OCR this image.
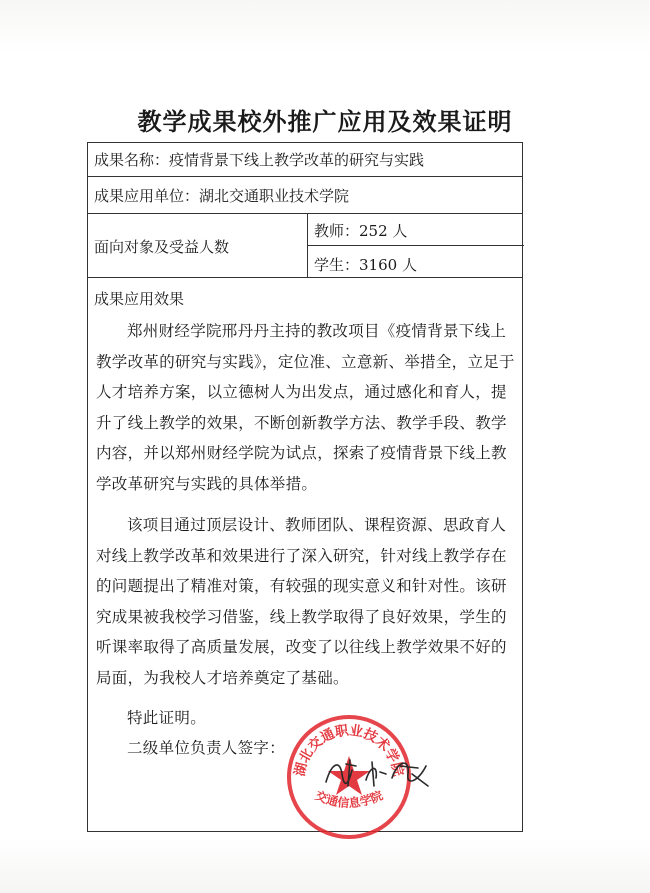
教学成果校外推广应用及效果证明
成果名称：疫情背景下线上教学改革的研究与实践
成果应用单位：湖北交通职业技术学院
面向对象及受益人数
教师：252 人
学生：3160 人
成果应用效果
郑州财经学院邢丹丹主持的教改项目《疫情背景下线上教学改革的研究与实践》，定位准、立意新、举措全，立足于人才培养方案，以立德树人为出发点，通过感化和育人，提升了线上教学的效果，不断创新教学方法、教学手段、教学内容，并以郑州财经学院为试点，探索了疫情背景下线上教学改革研究与实践的具体举措。
该项目通过顶层设计、教师团队、课程资源、思政育人对线上教学改革和效果进行了深入研究，针对线上教学存在的问题提出了精准对策，有较强的现实意义和针对性。该研究成果被我校学习借鉴，线上教学取得了良好效果，学生的听课率取得了高质量发展，改变了以往线上教学效果不好的局面，为我校人才培养奠定了基础。
特此证明。
二级单位负责人签字：
湖北交通职业技术学院
交通信息学院
